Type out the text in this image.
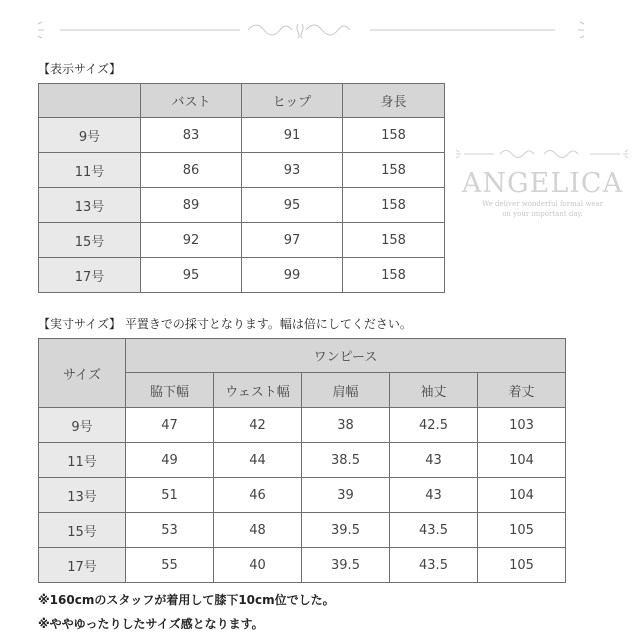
【表示サイズ】
	バスト	ヒップ	身長
9号	83	91	158
11号	86	93	158
13号	89	95	158
15号	92	97	158
17号	95	99	158
ANGELICA
We deliver wonderful formal wear
on your important day.
【実寸サイズ】 平置きでの採寸となります。幅は倍にしてください。
サイズ	ワンピース				
	脇下幅	ウェスト幅	肩幅	袖丈	着丈
9号	47	42	38	42.5	103
11号	49	44	38.5	43	104
13号	51	46	39	43	104
15号	53	48	39.5	43.5	105
17号	55	40	39.5	43.5	105
※160cmのスタッフが着用して膝下10cm位でした。
※ややゆったりしたサイズ感となります。
